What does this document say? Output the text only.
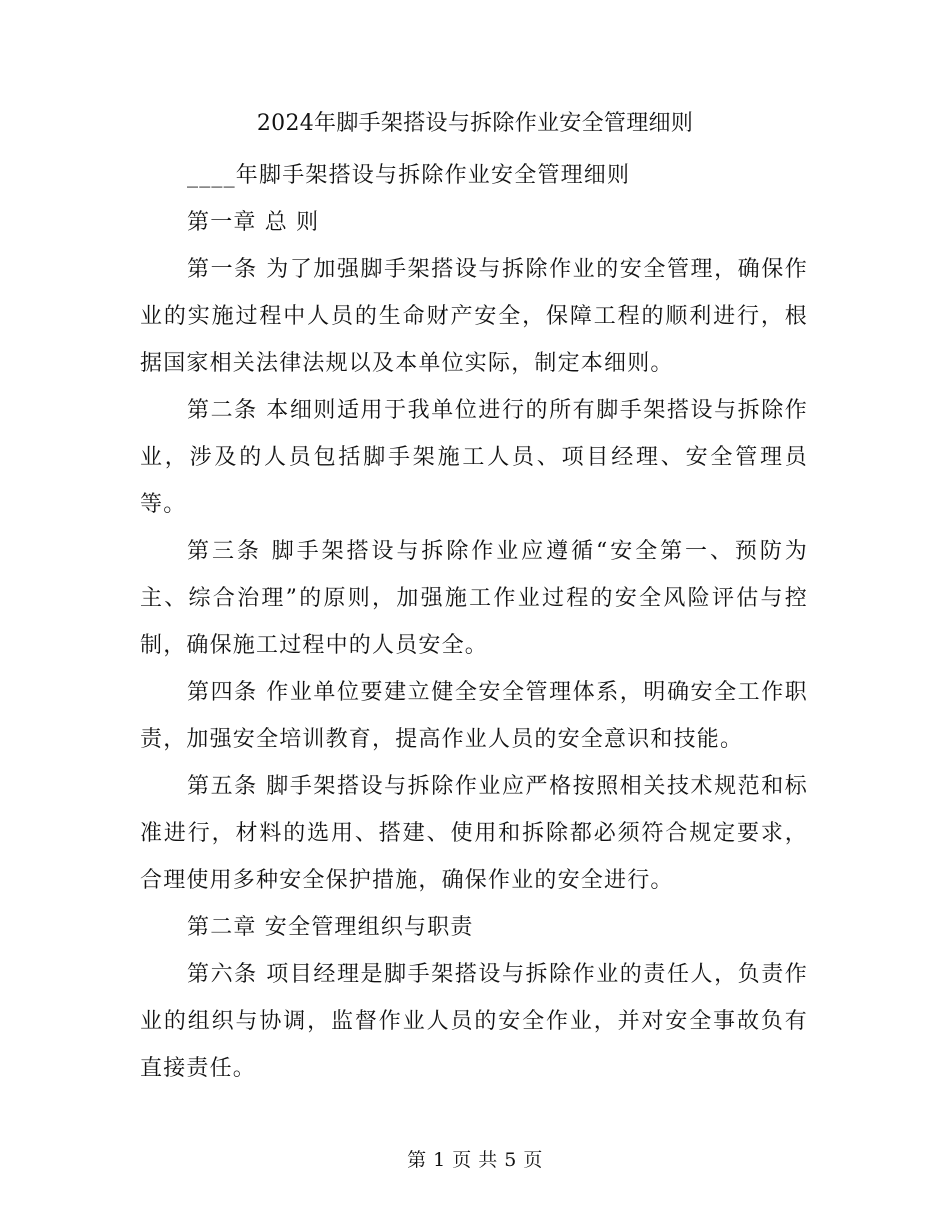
2024年脚手架搭设与拆除作业安全管理细则

____年脚手架搭设与拆除作业安全管理细则

第一章 总 则

第一条 为了加强脚手架搭设与拆除作业的安全管理，确保作业的实施过程中人员的生命财产安全，保障工程的顺利进行，根据国家相关法律法规以及本单位实际，制定本细则。

第二条 本细则适用于我单位进行的所有脚手架搭设与拆除作业，涉及的人员包括脚手架施工人员、项目经理、安全管理员等。

第三条 脚手架搭设与拆除作业应遵循“安全第一、预防为主、综合治理”的原则，加强施工作业过程的安全风险评估与控制，确保施工过程中的人员安全。

第四条 作业单位要建立健全安全管理体系，明确安全工作职责，加强安全培训教育，提高作业人员的安全意识和技能。

第五条 脚手架搭设与拆除作业应严格按照相关技术规范和标准进行，材料的选用、搭建、使用和拆除都必须符合规定要求，合理使用多种安全保护措施，确保作业的安全进行。

第二章 安全管理组织与职责

第六条 项目经理是脚手架搭设与拆除作业的责任人，负责作业的组织与协调，监督作业人员的安全作业，并对安全事故负有直接责任。

第 1 页 共 5 页
